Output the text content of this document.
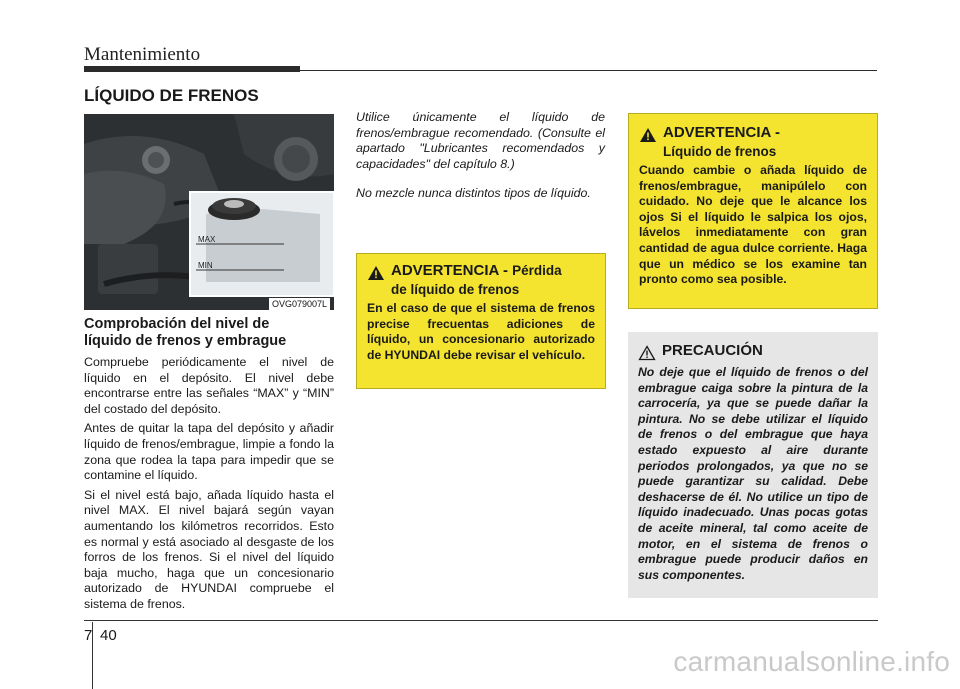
Mantenimiento
LÍQUIDO DE FRENOS
MAX
MIN
OVG079007L
Comprobación del nivel de
líquido de frenos y embrague

Compruebe periódicamente el nivel de líquido en el depósito. El nivel debe encontrarse entre las señales “MAX” y “MIN” del costado del depósito.

Antes de quitar la tapa del depósito y añadir líquido de frenos/embrague, limpie a fondo la zona que rodea la tapa para impedir que se contamine el líquido.

Si el nivel está bajo, añada líquido hasta el nivel MAX. El nivel bajará según vayan aumentando los kilómetros recorridos. Esto es normal y está asociado al desgaste de los forros de los frenos. Si el nivel del líquido baja mucho, haga que un concesionario autorizado de HYUNDAI compruebe el sistema de frenos.

Utilice únicamente el líquido de frenos/embrague recomendado. (Consulte el apartado "Lubricantes recomendados y capacidades" del capítulo 8.)

No mezcle nunca distintos tipos de líquido.

ADVERTENCIA - Pérdida
de líquido de frenos
En el caso de que el sistema de frenos precise frecuentas adiciones de líquido, un concesionario autorizado de HYUNDAI debe revisar el vehículo.
ADVERTENCIA -
Líquido de frenos
Cuando cambie o añada líquido de frenos/embrague, manipúlelo con cuidado. No deje que le alcance los ojos Si el líquido le salpica los ojos, lávelos inmediatamente con gran cantidad de agua dulce corriente. Haga que un médico se los examine tan pronto como sea posible.
PRECAUCIÓN
No deje que el líquido de frenos o del embrague caiga sobre la pintura de la carrocería, ya que se puede dañar la pintura. No se debe utilizar el líquido de frenos o del embrague que haya estado expuesto al aire durante periodos prolongados, ya que no se puede garantizar su calidad. Debe deshacerse de él. No utilice un tipo de líquido inadecuado. Unas pocas gotas de aceite mineral, tal como aceite de motor, en el sistema de frenos o embrague puede producir daños en sus componentes.
7 40
carmanualsonline.info
